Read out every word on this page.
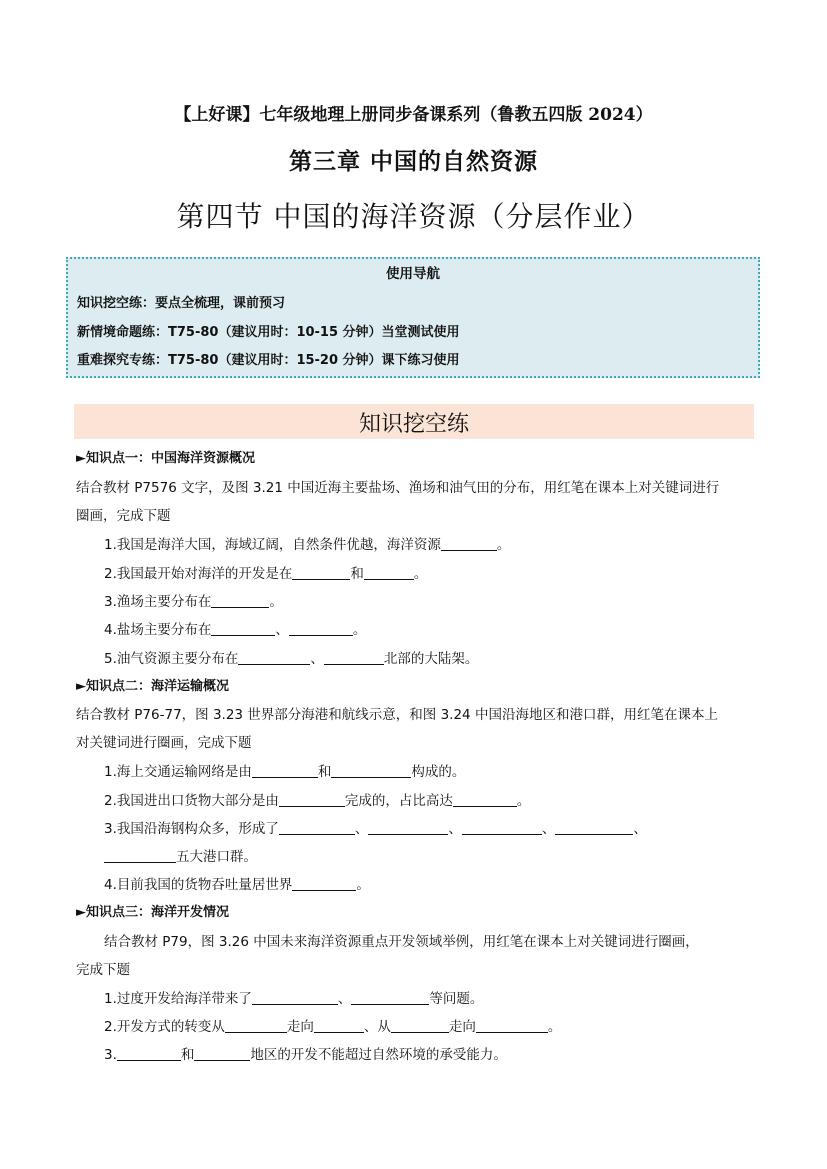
【上好课】七年级地理上册同步备课系列（鲁教五四版 2024）
第三章 中国的自然资源
第四节 中国的海洋资源（分层作业）
使用导航
知识挖空练：要点全梳理，课前预习
新情境命题练：T75-80（建议用时：10-15 分钟）当堂测试使用
重难探究专练：T75-80（建议用时：15-20 分钟）课下练习使用
知识挖空练
►知识点一：中国海洋资源概况
结合教材 P7576 文字，及图 3.21 中国近海主要盐场、渔场和油气田的分布，用红笔在课本上对关键词进行
圈画，完成下题
1.我国是海洋大国，海域辽阔，自然条件优越，海洋资源	。
2.我国最开始对海洋的开发是在	和	。
3.渔场主要分布在	。
4.盐场主要分布在	、	。
5.油气资源主要分布在	、	北部的大陆架。
►知识点二：海洋运输概况
结合教材 P76-77，图 3.23 世界部分海港和航线示意，和图 3.24 中国沿海地区和港口群，用红笔在课本上
对关键词进行圈画，完成下题
1.海上交通运输网络是由	和	构成的。
2.我国进出口货物大部分是由	完成的，占比高达	。
3.我国沿海钢构众多，形成了	、	、	、	、
五大港口群。
4.目前我国的货物吞吐量居世界	。
►知识点三：海洋开发情况
结合教材 P79，图 3.26 中国未来海洋资源重点开发领域举例，用红笔在课本上对关键词进行圈画，
完成下题
1.过度开发给海洋带来了	、	等问题。
2.开发方式的转变从	走向	、从	走向	。
3.	和	地区的开发不能超过自然环境的承受能力。
